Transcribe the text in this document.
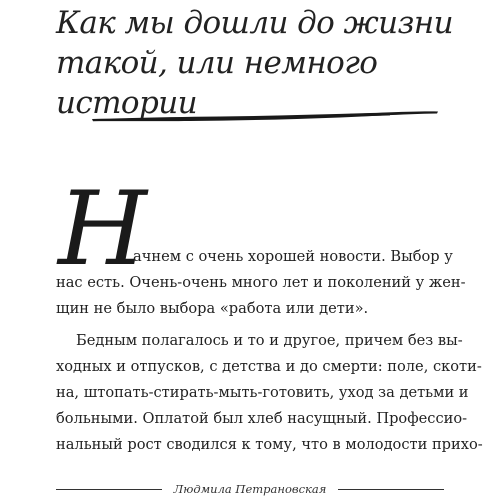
Как мы дошли до жизни
такой, или немного
истории
Н
ачнем с очень хорошей новости. Выбор у
нас есть. Очень-очень много лет и поколений у жен-
щин не было выбора «работа или дети».
Бедным полагалось и то и другое, причем без вы-
ходных и отпусков, с детства и до смерти: поле, скоти-
на, штопать-стирать-мыть-готовить, уход за детьми и
больными. Оплатой был хлеб насущный. Профессио-
нальный рост сводился к тому, что в молодости прихо-
Людмила Петрановская
